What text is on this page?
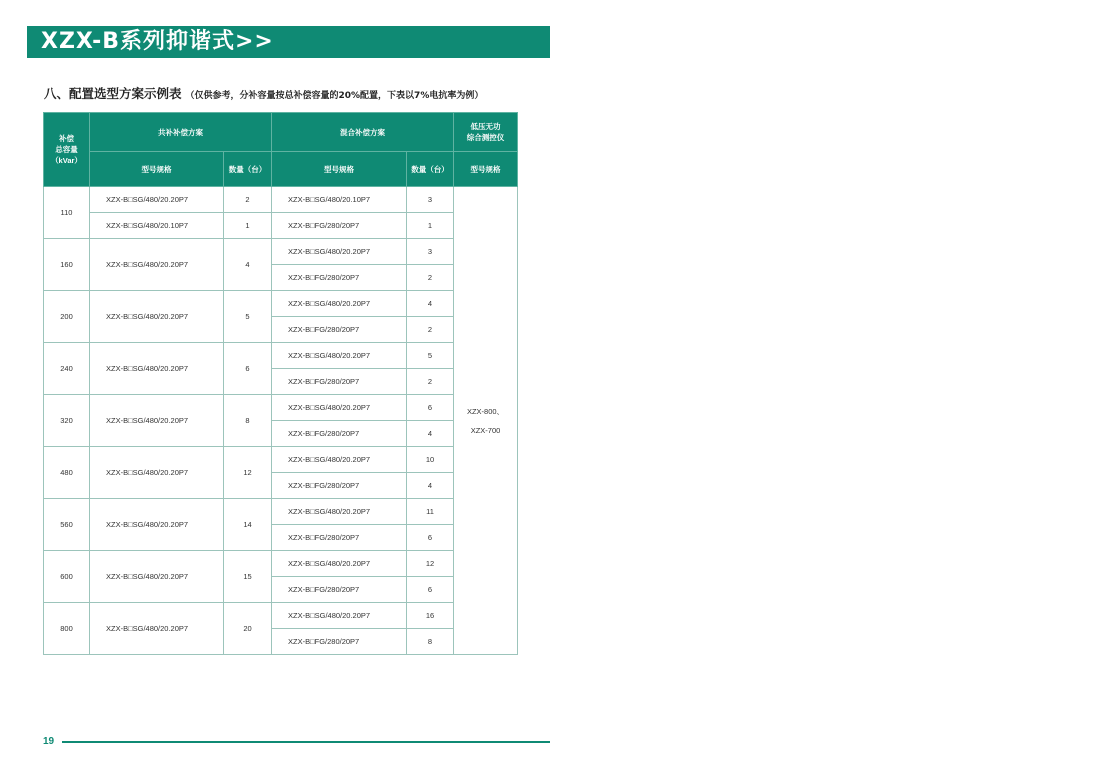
XZX-B系列抑谐式>>
八、配置选型方案示例表 （仅供参考，分补容量按总补偿容量的20%配置，下表以7%电抗率为例）
补偿
总容量
（kVar）	共补补偿方案		混合补偿方案		低压无功
综合测控仪
	型号规格	数量（台）	型号规格	数量（台）	型号规格
110	XZX-B□SG/480/20.20P7	2	XZX-B□SG/480/20.10P7	3	XZX-800、

XZX-700
	XZX-B□SG/480/20.10P7	1	XZX-B□FG/280/20P7	1	
160	XZX-B□SG/480/20.20P7	4	XZX-B□SG/480/20.20P7	3	
			XZX-B□FG/280/20P7	2	
200	XZX-B□SG/480/20.20P7	5	XZX-B□SG/480/20.20P7	4	
			XZX-B□FG/280/20P7	2	
240	XZX-B□SG/480/20.20P7	6	XZX-B□SG/480/20.20P7	5	
			XZX-B□FG/280/20P7	2	
320	XZX-B□SG/480/20.20P7	8	XZX-B□SG/480/20.20P7	6	
			XZX-B□FG/280/20P7	4	
480	XZX-B□SG/480/20.20P7	12	XZX-B□SG/480/20.20P7	10	
			XZX-B□FG/280/20P7	4	
560	XZX-B□SG/480/20.20P7	14	XZX-B□SG/480/20.20P7	11	
			XZX-B□FG/280/20P7	6	
600	XZX-B□SG/480/20.20P7	15	XZX-B□SG/480/20.20P7	12	
			XZX-B□FG/280/20P7	6	
800	XZX-B□SG/480/20.20P7	20	XZX-B□SG/480/20.20P7	16	
			XZX-B□FG/280/20P7	8	
19
